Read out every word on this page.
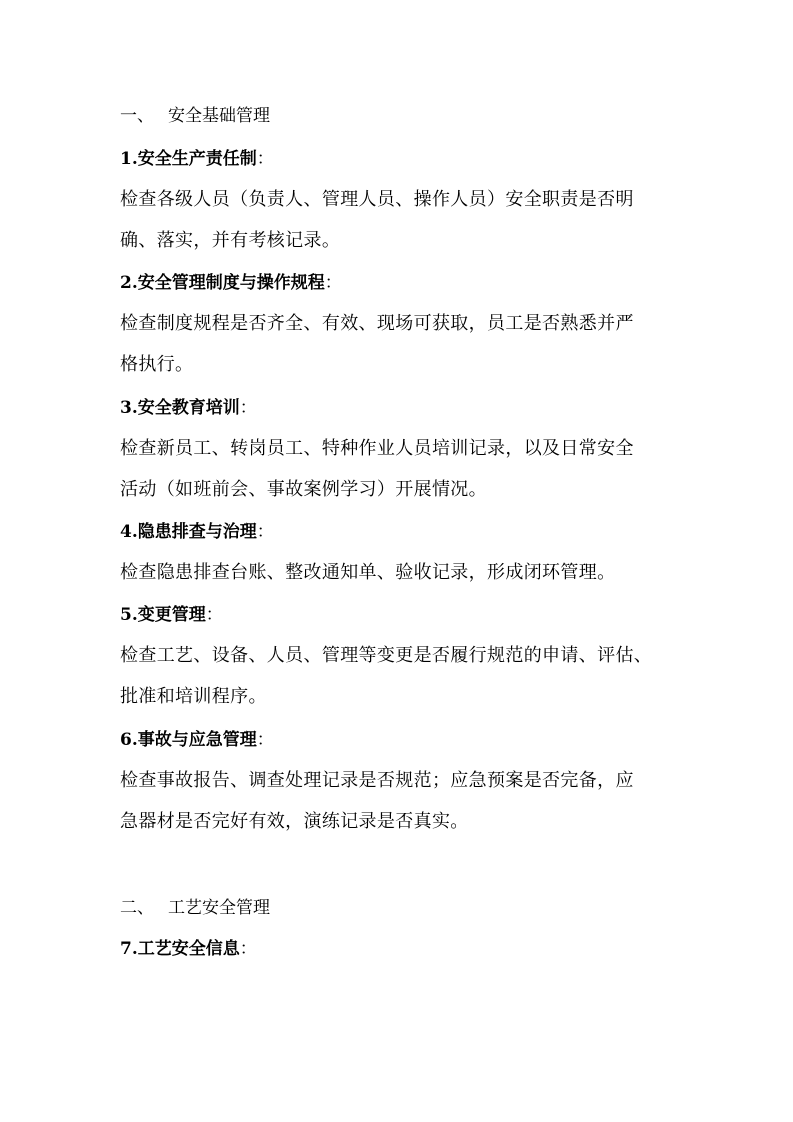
一、 安全基础管理
1.安全生产责任制：
检查各级人员（负责人、管理人员、操作人员）安全职责是否明
确、落实，并有考核记录。
2.安全管理制度与操作规程：
检查制度规程是否齐全、有效、现场可获取，员工是否熟悉并严
格执行。
3.安全教育培训：
检查新员工、转岗员工、特种作业人员培训记录，以及日常安全
活动（如班前会、事故案例学习）开展情况。
4.隐患排查与治理：
检查隐患排查台账、整改通知单、验收记录，形成闭环管理。
5.变更管理：
检查工艺、设备、人员、管理等变更是否履行规范的申请、评估、
批准和培训程序。
6.事故与应急管理：
检查事故报告、调查处理记录是否规范；应急预案是否完备，应
急器材是否完好有效，演练记录是否真实。
二、 工艺安全管理
7.工艺安全信息：
